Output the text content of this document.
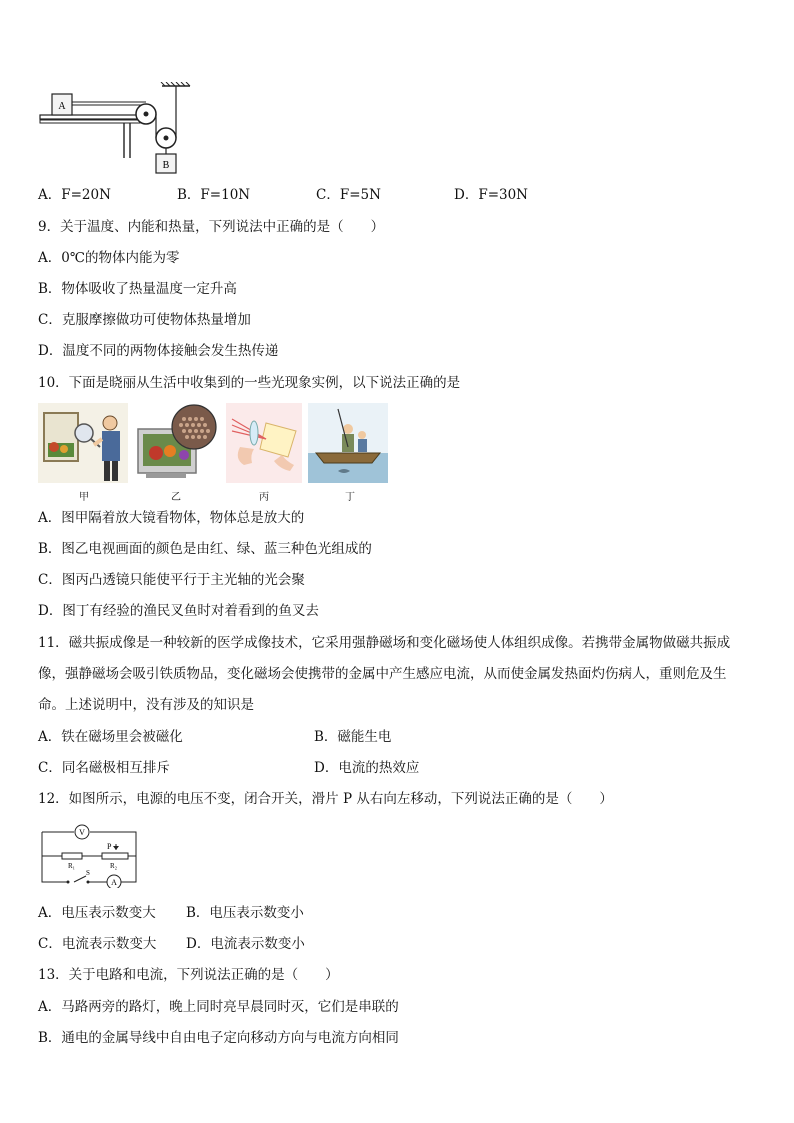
A
B
A．F=20N	B．F=10N	C．F=5N	D．F=30N
9．关于温度、内能和热量，下列说法中正确的是（　　）
A．0℃的物体内能为零
B．物体吸收了热量温度一定升高
C．克服摩擦做功可使物体热量增加
D．温度不同的两物体接触会发生热传递
10．下面是晓丽从生活中收集到的一些光现象实例，以下说法正确的是
甲	乙	丙	丁
A．图甲隔着放大镜看物体，物体总是放大的
B．图乙电视画面的颜色是由红、绿、蓝三种色光组成的
C．图丙凸透镜只能使平行于主光轴的光会聚
D．图丁有经验的渔民叉鱼时对着看到的鱼叉去
11．磁共振成像是一种较新的医学成像技术，它采用强静磁场和变化磁场使人体组织成像。若携带金属物做磁共振成
像，强静磁场会吸引铁质物品，变化磁场会使携带的金属中产生感应电流，从而使金属发热面灼伤病人，重则危及生
命。上述说明中，没有涉及的知识是
A．铁在磁场里会被磁化	B．磁能生电
C．同名磁极相互排斥	D．电流的热效应
12．如图所示，电源的电压不变，闭合开关，滑片 P 从右向左移动，下列说法正确的是（　　）
V
P
R₁	R₂
S
A
A．电压表示数变大 B．电压表示数变小
C．电流表示数变大 D．电流表示数变小
13．关于电路和电流，下列说法正确的是（　　）
A．马路两旁的路灯，晚上同时亮早晨同时灭，它们是串联的
B．通电的金属导线中自由电子定向移动方向与电流方向相同
